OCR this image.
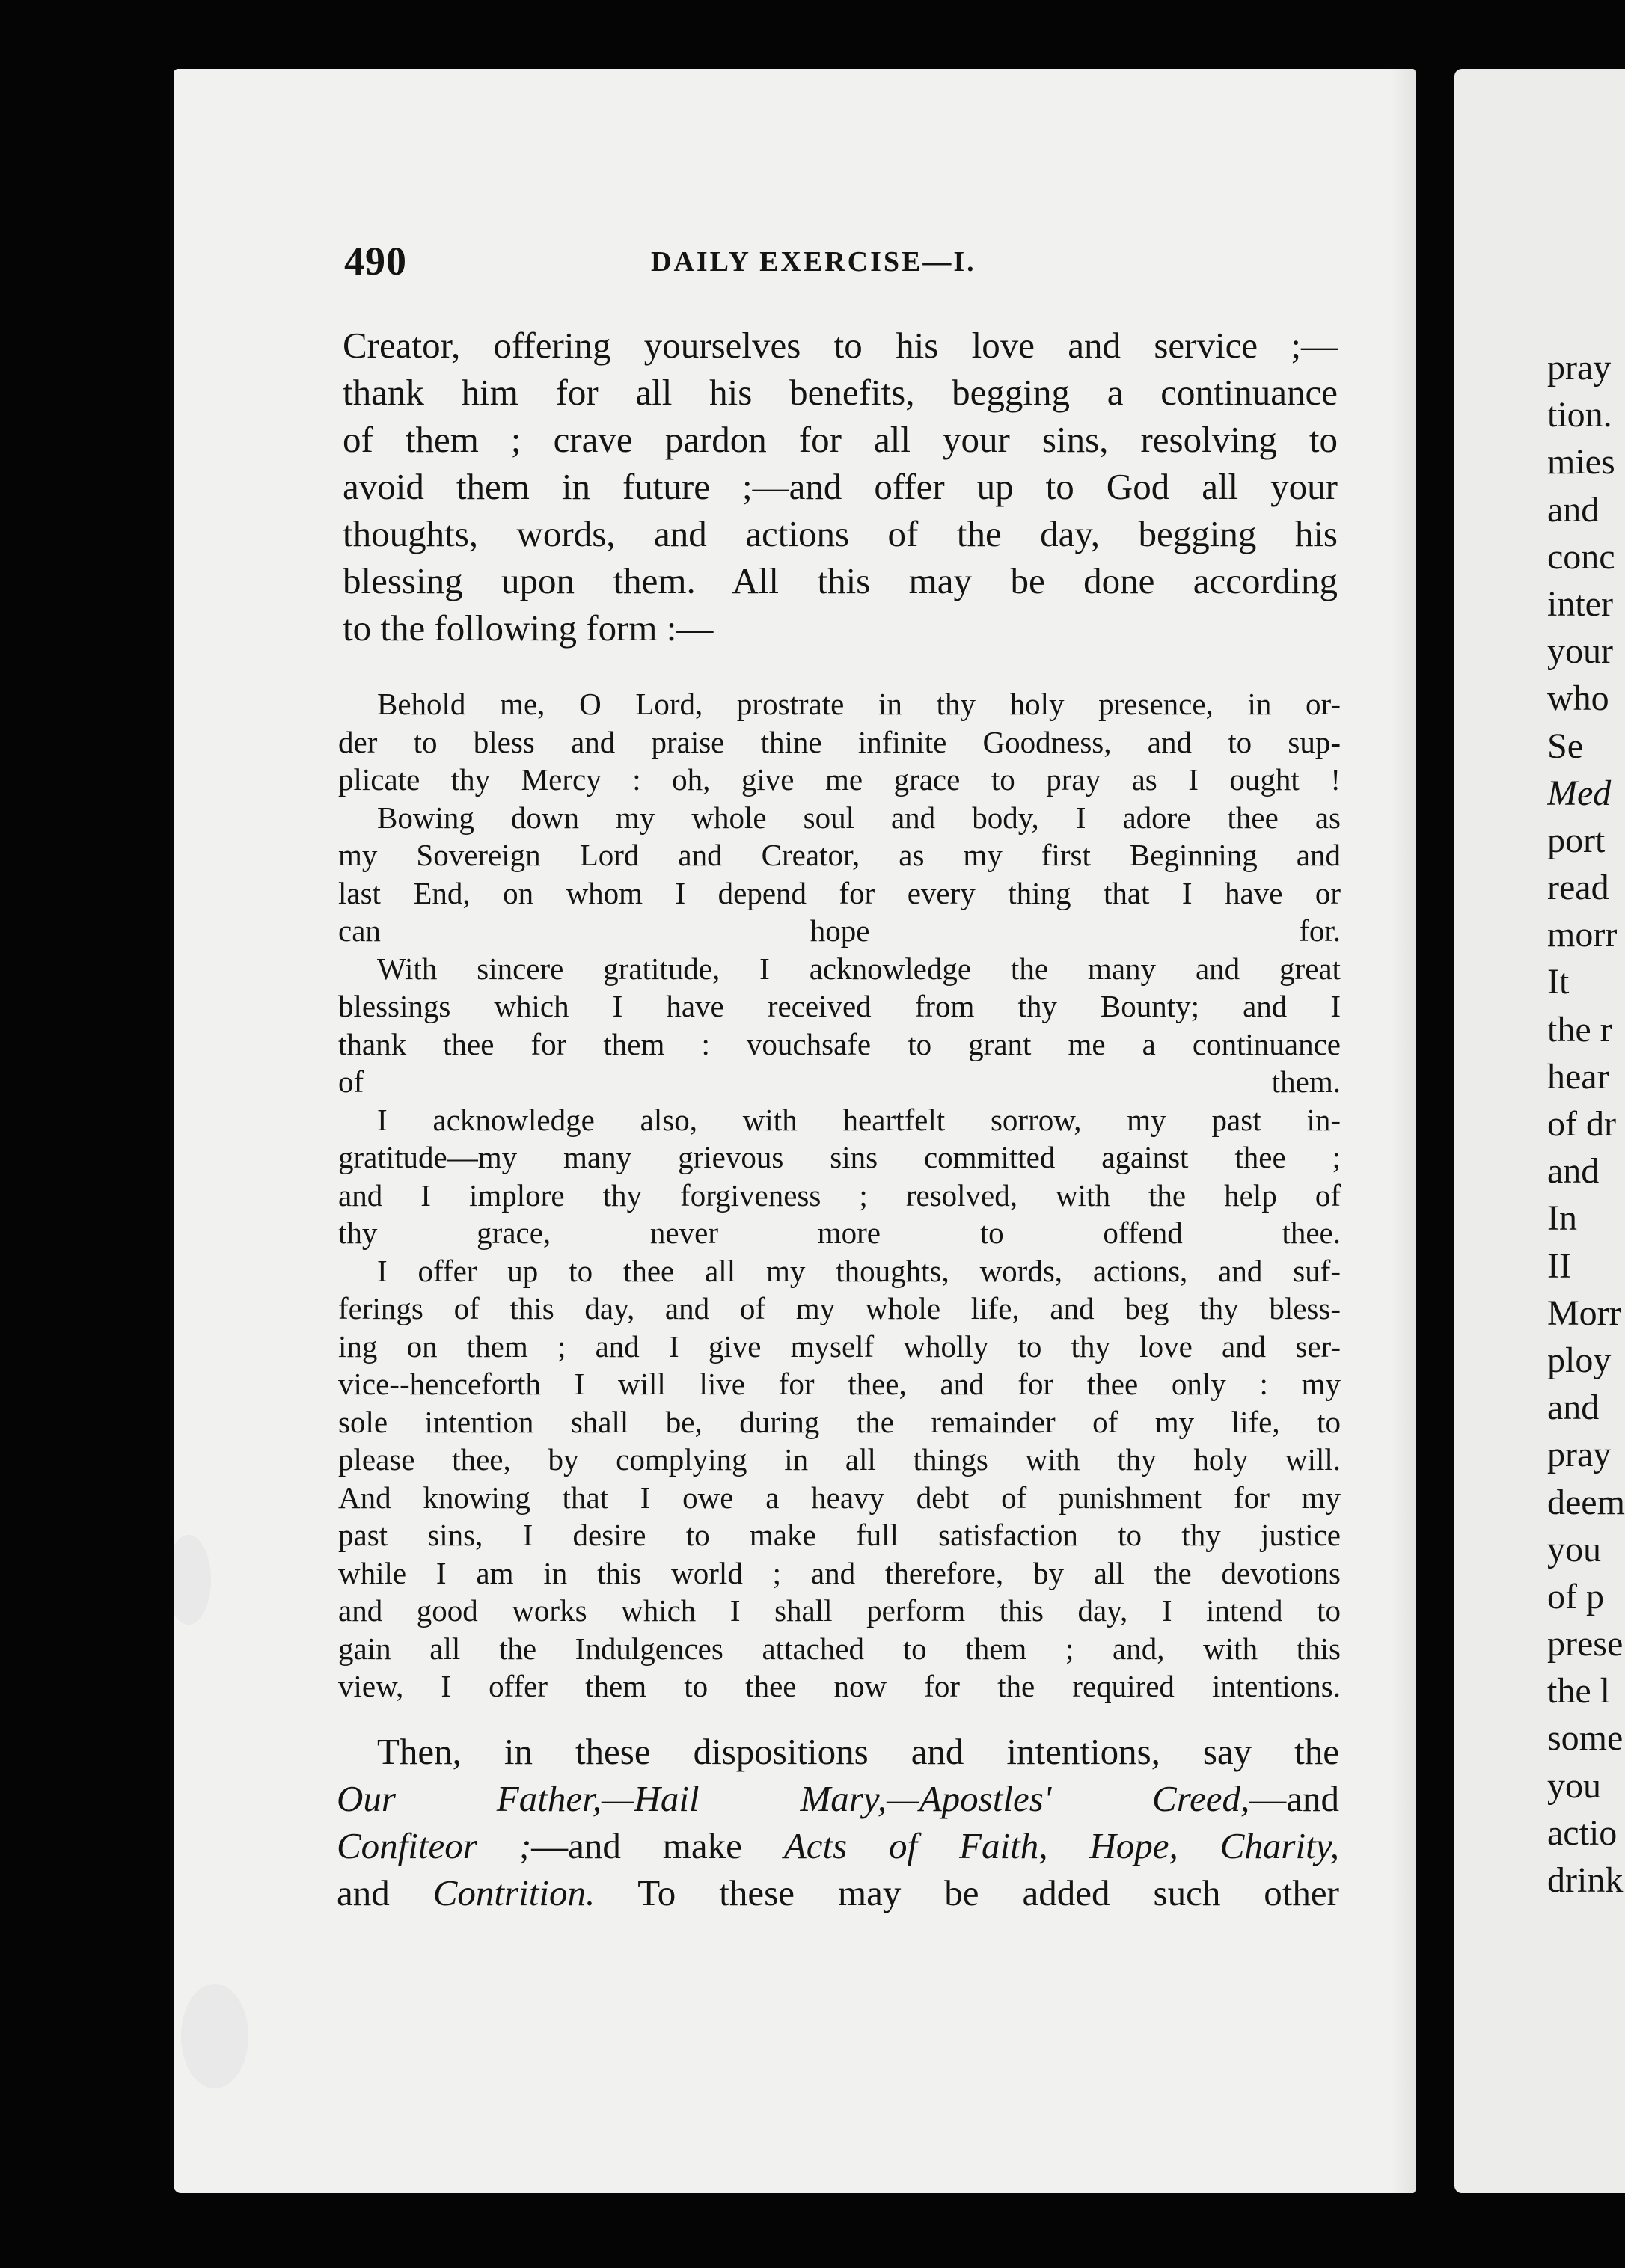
490	DAILY EXERCISE—I.
Creator, offering yourselves to his love and service ;—
thank him for all his benefits, begging a continuance
of them ; crave pardon for all your sins, resolving to
avoid them in future ;—and offer up to God all your
thoughts, words, and actions of the day, begging his
blessing upon them. All this may be done according
to the following form :—
Behold me, O Lord, prostrate in thy holy presence, in or-
der to bless and praise thine infinite Goodness, and to sup-
plicate thy Mercy : oh, give me grace to pray as I ought !
Bowing down my whole soul and body, I adore thee as
my Sovereign Lord and Creator, as my first Beginning and
last End, on whom I depend for every thing that I have or
can hope for.
With sincere gratitude, I acknowledge the many and great
blessings which I have received from thy Bounty; and I
thank thee for them : vouchsafe to grant me a continuance
of them.
I acknowledge also, with heartfelt sorrow, my past in-
gratitude—my many grievous sins committed against thee ;
and I implore thy forgiveness ; resolved, with the help of
thy grace, never more to offend thee.
I offer up to thee all my thoughts, words, actions, and suf-
ferings of this day, and of my whole life, and beg thy bless-
ing on them ; and I give myself wholly to thy love and ser-
vice--henceforth I will live for thee, and for thee only : my
sole intention shall be, during the remainder of my life, to
please thee, by complying in all things with thy holy will.
And knowing that I owe a heavy debt of punishment for my
past sins, I desire to make full satisfaction to thy justice
while I am in this world ; and therefore, by all the devotions
and good works which I shall perform this day, I intend to
gain all the Indulgences attached to them ; and, with this
view, I offer them to thee now for the required intentions.
Then, in these dispositions and intentions, say the
Our Father,—Hail Mary,—Apostles' Creed,—and
Confiteor ;—and make Acts of Faith, Hope, Charity,
and Contrition. To these may be added such other
pray
tion.
mies
and
conc
inter
your
who
Se
Med
port
read
morr
It
the r
hear
of dr
and
In
II
Morr
ploy
and
pray
deem
you
of p
prese
the l
some
you
actio
drink
